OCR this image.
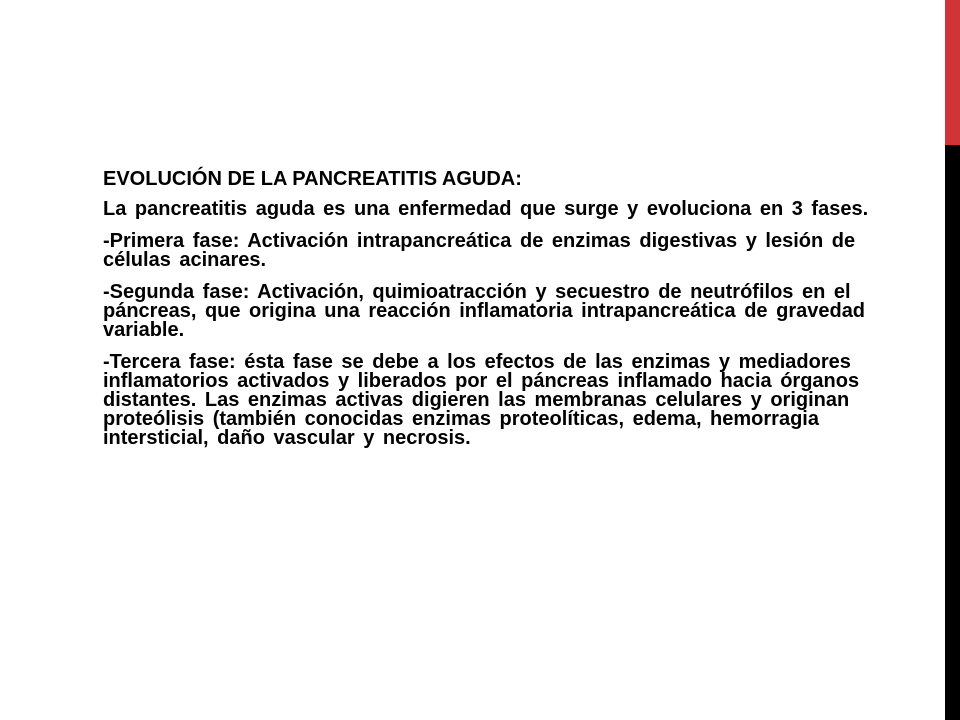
EVOLUCIÓN DE LA PANCREATITIS AGUDA:

La pancreatitis aguda es una enfermedad que surge y evoluciona en 3 fases.

-Primera fase: Activación intrapancreática de enzimas digestivas y lesión de células acinares.

-Segunda fase: Activación, quimioatracción y secuestro de neutrófilos en el páncreas, que origina una reacción inflamatoria intrapancreática de gravedad variable.

-Tercera fase: ésta fase se debe a los efectos de las enzimas y mediadores inflamatorios activados y liberados por el páncreas inflamado hacia órganos distantes. Las enzimas activas digieren las membranas celulares y originan proteólisis (también conocidas enzimas proteolíticas, edema, hemorragia intersticial, daño vascular y necrosis.
